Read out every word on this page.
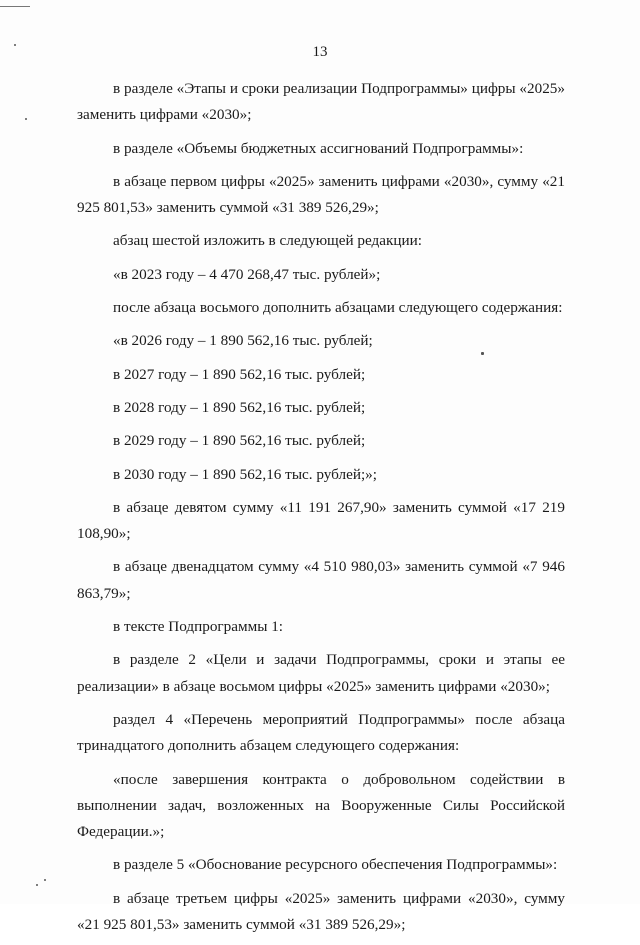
13

в разделе «Этапы и сроки реализации Подпрограммы» цифры «2025» заменить цифрами «2030»;

в разделе «Объемы бюджетных ассигнований Подпрограммы»:

в абзаце первом цифры «2025» заменить цифрами «2030», сумму «21 925 801,53» заменить суммой «31 389 526,29»;

абзац шестой изложить в следующей редакции:

«в 2023 году – 4 470 268,47 тыс. рублей»;

после абзаца восьмого дополнить абзацами следующего содержания:

«в 2026 году – 1 890 562,16 тыс. рублей;

в 2027 году – 1 890 562,16 тыс. рублей;

в 2028 году – 1 890 562,16 тыс. рублей;

в 2029 году – 1 890 562,16 тыс. рублей;

в 2030 году – 1 890 562,16 тыс. рублей;»;

в абзаце девятом сумму «11 191 267,90» заменить суммой «17 219 108,90»;

в абзаце двенадцатом сумму «4 510 980,03» заменить суммой «7 946 863,79»;

в тексте Подпрограммы 1:

в разделе 2 «Цели и задачи Подпрограммы, сроки и этапы ее реализации» в абзаце восьмом цифры «2025» заменить цифрами «2030»;

раздел 4 «Перечень мероприятий Подпрограммы» после абзаца тринадцатого дополнить абзацем следующего содержания:

«после завершения контракта о добровольном содействии в выполнении задач, возложенных на Вооруженные Силы Российской Федерации.»;

в разделе 5 «Обоснование ресурсного обеспечения Подпрограммы»:

в абзаце третьем цифры «2025» заменить цифрами «2030», сумму «21 925 801,53» заменить суммой «31 389 526,29»;
